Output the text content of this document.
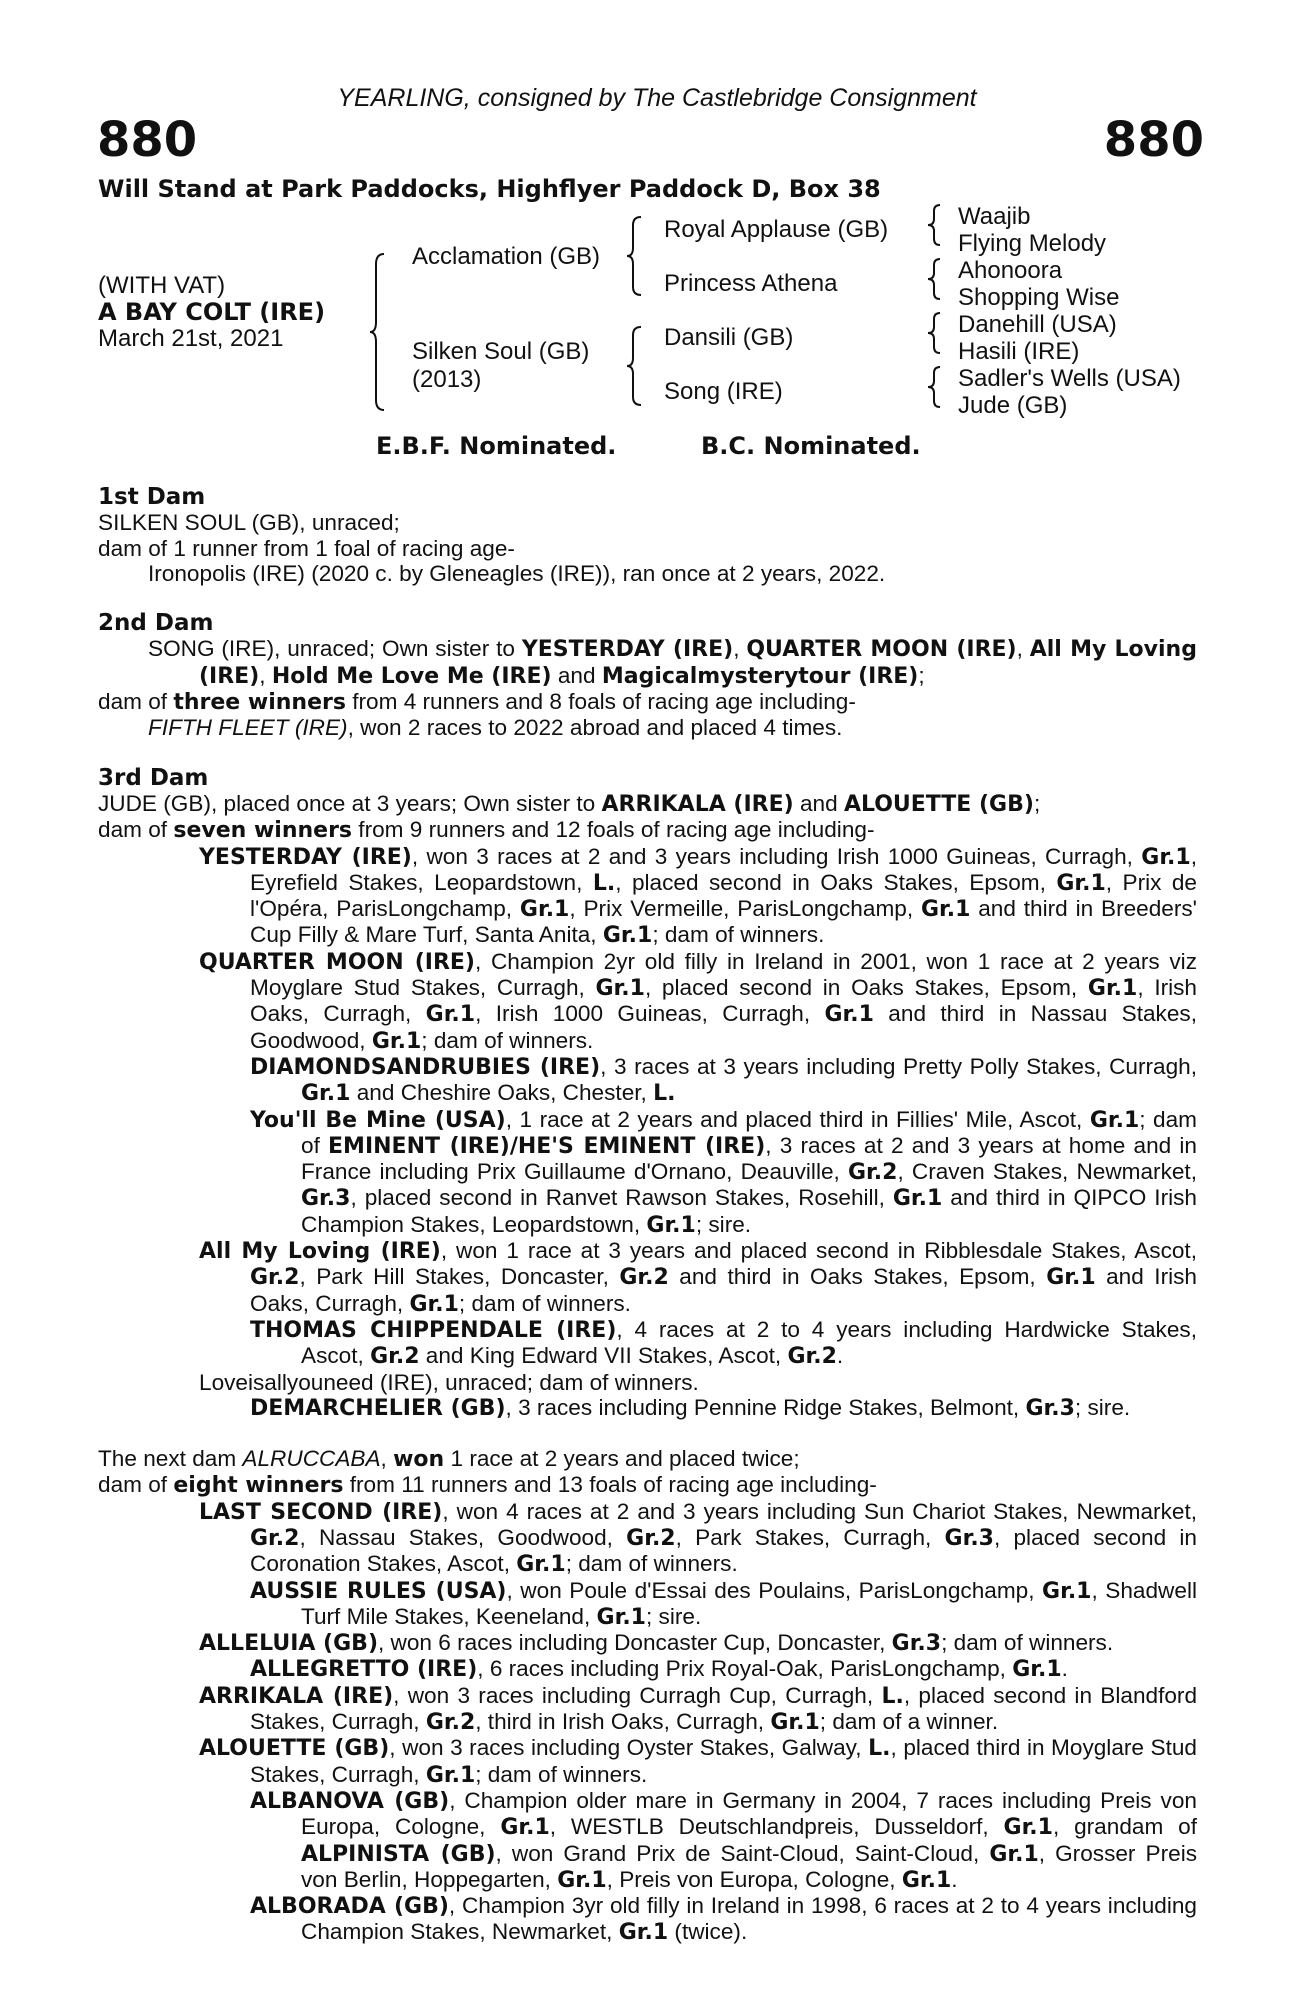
YEARLING, consigned by The Castlebridge Consignment
880	880
Will Stand at Park Paddocks, Highflyer Paddock D, Box 38
(WITH VAT)
A BAY COLT (IRE)
March 21st, 2021
Acclamation (GB)
Silken Soul (GB)
(2013)
Royal Applause (GB)
Princess Athena
Dansili (GB)
Song (IRE)
Waajib
Flying Melody
Ahonoora
Shopping Wise
Danehill (USA)
Hasili (IRE)
Sadler's Wells (USA)
Jude (GB)
E.B.F. Nominated.	B.C. Nominated.
1st Dam

SILKEN SOUL (GB), unraced;

dam of 1 runner from 1 foal of racing age-

Ironopolis (IRE) (2020 c. by Gleneagles (IRE)), ran once at 2 years, 2022.

2nd Dam

SONG (IRE), unraced; Own sister to YESTERDAY (IRE), QUARTER MOON (IRE), All My Loving (IRE), Hold Me Love Me (IRE) and Magicalmysterytour (IRE);

dam of three winners from 4 runners and 8 foals of racing age including-

FIFTH FLEET (IRE), won 2 races to 2022 abroad and placed 4 times.

3rd Dam

JUDE (GB), placed once at 3 years; Own sister to ARRIKALA (IRE) and ALOUETTE (GB);

dam of seven winners from 9 runners and 12 foals of racing age including-

YESTERDAY (IRE), won 3 races at 2 and 3 years including Irish 1000 Guineas, Curragh, Gr.1, Eyrefield Stakes, Leopardstown, L., placed second in Oaks Stakes, Epsom, Gr.1, Prix de l'Opéra, ParisLongchamp, Gr.1, Prix Vermeille, ParisLongchamp, Gr.1 and third in Breeders' Cup Filly & Mare Turf, Santa Anita, Gr.1; dam of winners.

QUARTER MOON (IRE), Champion 2yr old filly in Ireland in 2001, won 1 race at 2 years viz Moyglare Stud Stakes, Curragh, Gr.1, placed second in Oaks Stakes, Epsom, Gr.1, Irish Oaks, Curragh, Gr.1, Irish 1000 Guineas, Curragh, Gr.1 and third in Nassau Stakes, Goodwood, Gr.1; dam of winners.

DIAMONDSANDRUBIES (IRE), 3 races at 3 years including Pretty Polly Stakes, Curragh, Gr.1 and Cheshire Oaks, Chester, L.

You'll Be Mine (USA), 1 race at 2 years and placed third in Fillies' Mile, Ascot, Gr.1; dam of EMINENT (IRE)/HE'S EMINENT (IRE), 3 races at 2 and 3 years at home and in France including Prix Guillaume d'Ornano, Deauville, Gr.2, Craven Stakes, Newmarket, Gr.3, placed second in Ranvet Rawson Stakes, Rosehill, Gr.1 and third in QIPCO Irish Champion Stakes, Leopardstown, Gr.1; sire.

All My Loving (IRE), won 1 race at 3 years and placed second in Ribblesdale Stakes, Ascot, Gr.2, Park Hill Stakes, Doncaster, Gr.2 and third in Oaks Stakes, Epsom, Gr.1 and Irish Oaks, Curragh, Gr.1; dam of winners.

THOMAS CHIPPENDALE (IRE), 4 races at 2 to 4 years including Hardwicke Stakes, Ascot, Gr.2 and King Edward VII Stakes, Ascot, Gr.2.

Loveisallyouneed (IRE), unraced; dam of winners.

DEMARCHELIER (GB), 3 races including Pennine Ridge Stakes, Belmont, Gr.3; sire.

The next dam ALRUCCABA, won 1 race at 2 years and placed twice;

dam of eight winners from 11 runners and 13 foals of racing age including-

LAST SECOND (IRE), won 4 races at 2 and 3 years including Sun Chariot Stakes, Newmarket, Gr.2, Nassau Stakes, Goodwood, Gr.2, Park Stakes, Curragh, Gr.3, placed second in Coronation Stakes, Ascot, Gr.1; dam of winners.

AUSSIE RULES (USA), won Poule d'Essai des Poulains, ParisLongchamp, Gr.1, Shadwell Turf Mile Stakes, Keeneland, Gr.1; sire.

ALLELUIA (GB), won 6 races including Doncaster Cup, Doncaster, Gr.3; dam of winners.

ALLEGRETTO (IRE), 6 races including Prix Royal-Oak, ParisLongchamp, Gr.1.

ARRIKALA (IRE), won 3 races including Curragh Cup, Curragh, L., placed second in Blandford Stakes, Curragh, Gr.2, third in Irish Oaks, Curragh, Gr.1; dam of a winner.

ALOUETTE (GB), won 3 races including Oyster Stakes, Galway, L., placed third in Moyglare Stud Stakes, Curragh, Gr.1; dam of winners.

ALBANOVA (GB), Champion older mare in Germany in 2004, 7 races including Preis von Europa, Cologne, Gr.1, WESTLB Deutschlandpreis, Dusseldorf, Gr.1, grandam of ALPINISTA (GB), won Grand Prix de Saint-Cloud, Saint-Cloud, Gr.1, Grosser Preis von Berlin, Hoppegarten, Gr.1, Preis von Europa, Cologne, Gr.1.

ALBORADA (GB), Champion 3yr old filly in Ireland in 1998, 6 races at 2 to 4 years including Champion Stakes, Newmarket, Gr.1 (twice).
